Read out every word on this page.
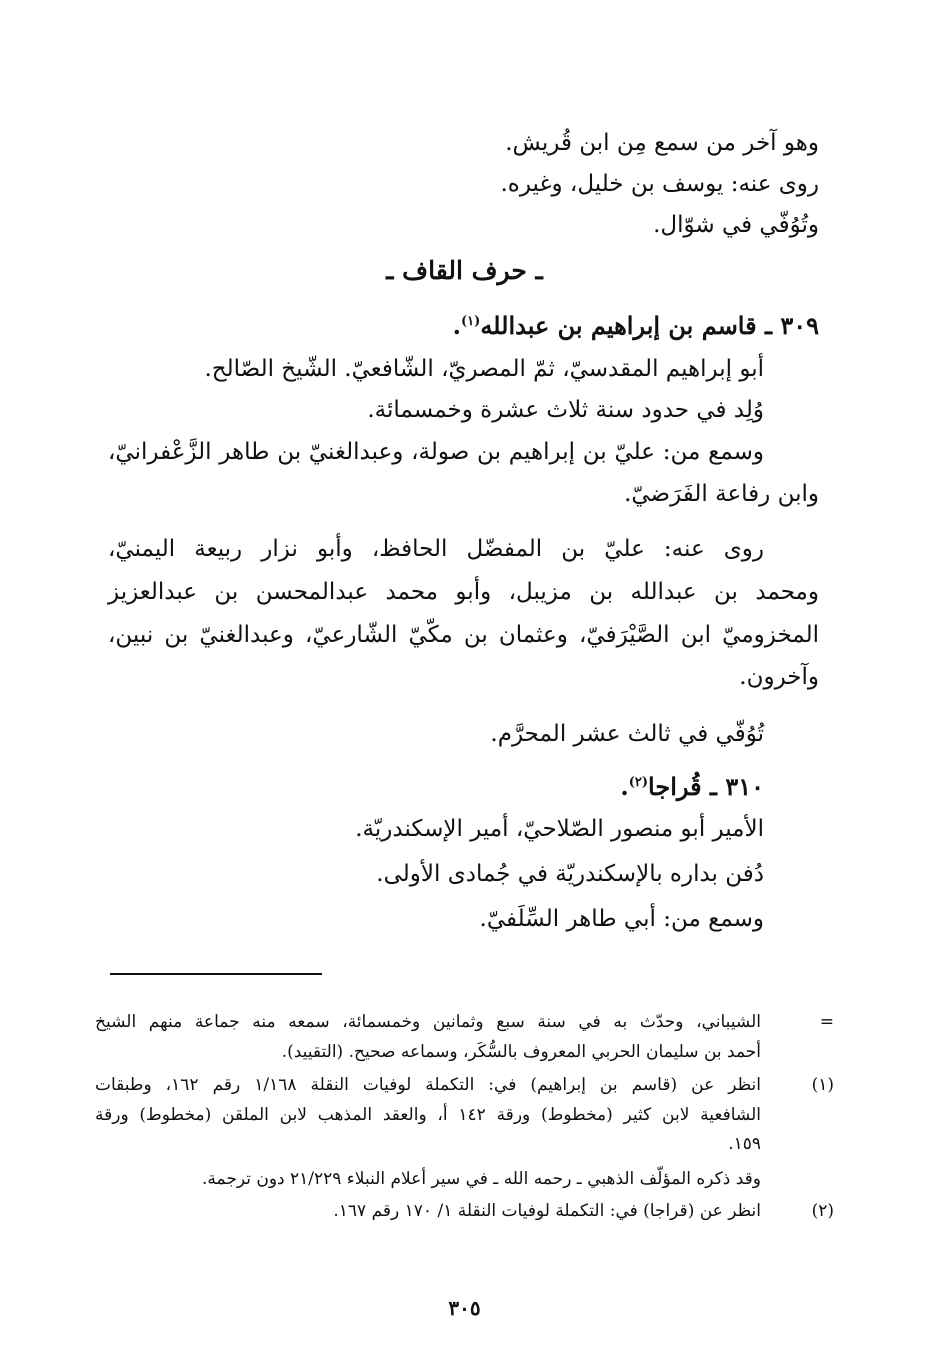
وهو آخر من سمع مِن ابن قُريش.

روى عنه: يوسف بن خليل، وغيره.

وتُوُفّي في شوّال.

ـ حرف القاف ـ

٣٠٩ ـ قاسم بن إبراهيم بن عبدالله$^{(١)}$.

أبو إبراهيم المقدسيّ، ثمّ المصريّ، الشّافعيّ. الشّيخ الصّالح.

وُلِد في حدود سنة ثلاث عشرة وخمسمائة.

وسمع من: عليّ بن إبراهيم بن صولة، وعبدالغنيّ بن طاهر الزَّعْفرانيّ،

وابن رفاعة الفَرَضيّ.

روى عنه: عليّ بن المفضّل الحافظ، وأبو نزار ربيعة اليمنيّ،

ومحمد بن عبدالله بن مزيبل، وأبو محمد عبدالمحسن بن عبدالعزيز

المخزوميّ ابن الصَّيْرَفيّ، وعثمان بن مكّيّ الشّارعيّ، وعبدالغنيّ بن نبين،

وآخرون.

تُوُفّي في ثالث عشر المحرَّم.

٣١٠ ـ قُراجا$^{(٢)}$.

الأمير أبو منصور الصّلاحيّ، أمير الإسكندريّة.

دُفن بداره بالإسكندريّة في جُمادى الأولى.

وسمع من: أبي طاهر السِّلَفيّ.

=

الشيباني، وحدّث به في سنة سبع وثمانين وخمسمائة، سمعه منه جماعة منهم الشيخ

أحمد بن سليمان الحربي المعروف بالسُّكَر، وسماعه صحيح. (التقييد).

(١)

انظر عن (قاسم بن إبراهيم) في: التكملة لوفيات النقلة ١/١٦٨ رقم ١٦٢، وطبقات

الشافعية لابن كثير (مخطوط) ورقة ١٤٢ أ، والعقد المذهب لابن الملقن (مخطوط) ورقة

١٥٩.

وقد ذكره المؤلّف الذهبي ـ رحمه الله ـ في سير أعلام النبلاء ٢١/٢٢٩ دون ترجمة.

(٢)

انظر عن (قراجا) في: التكملة لوفيات النقلة ١/ ١٧٠ رقم ١٦٧.

٣٠٥
